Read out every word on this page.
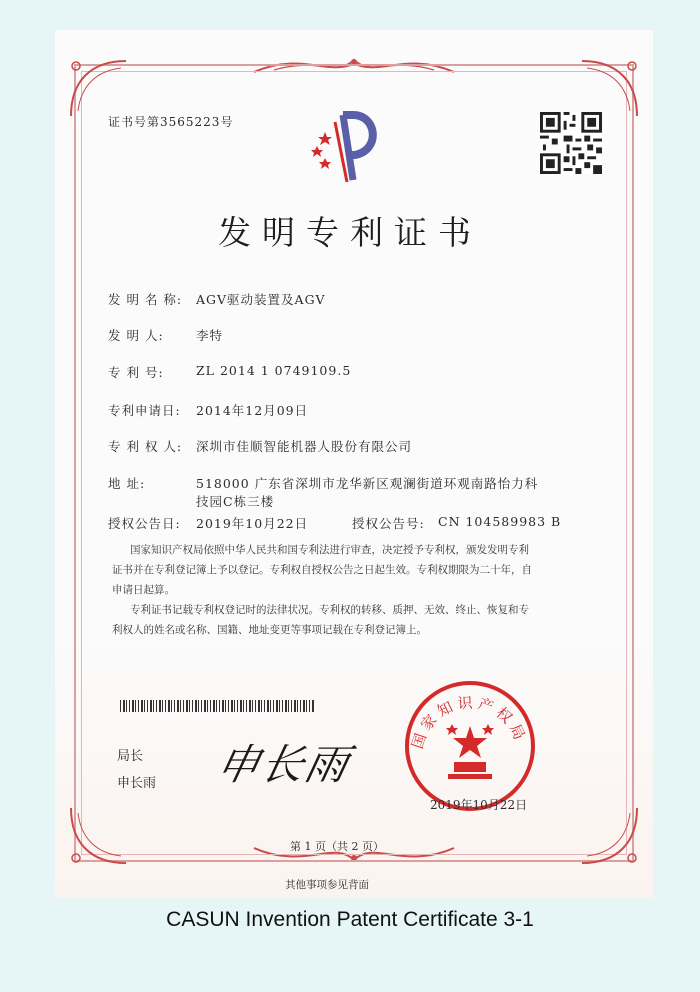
证书号第3565223号
发明专利证书
发 明 名 称: AGV驱动装置及AGV
发 明 人:	李特
专 利 号:	ZL 2014 1 0749109.5
专利申请日: 2014年12月09日
专 利 权 人: 深圳市佳顺智能机器人股份有限公司
地 址:	518000 广东省深圳市龙华新区观澜街道环观南路怡力科
技园C栋三楼
授权公告日: 2019年10月22日	授权公告号: CN 104589983 B
国家知识产权局依照中华人民共和国专利法进行审查，决定授予专利权，颁发发明专利
证书并在专利登记簿上予以登记。专利权自授权公告之日起生效。专利权期限为二十年，自
申请日起算。
专利证书记载专利权登记时的法律状况。专利权的转移、质押、无效、终止、恢复和专
利权人的姓名或名称、国籍、地址变更等事项记载在专利登记簿上。
局长
申长雨 申长雨
国家知识产权局
2019年10月22日
第 1 页（共 2 页）
其他事项参见背面
CASUN Invention Patent Certificate 3-1
